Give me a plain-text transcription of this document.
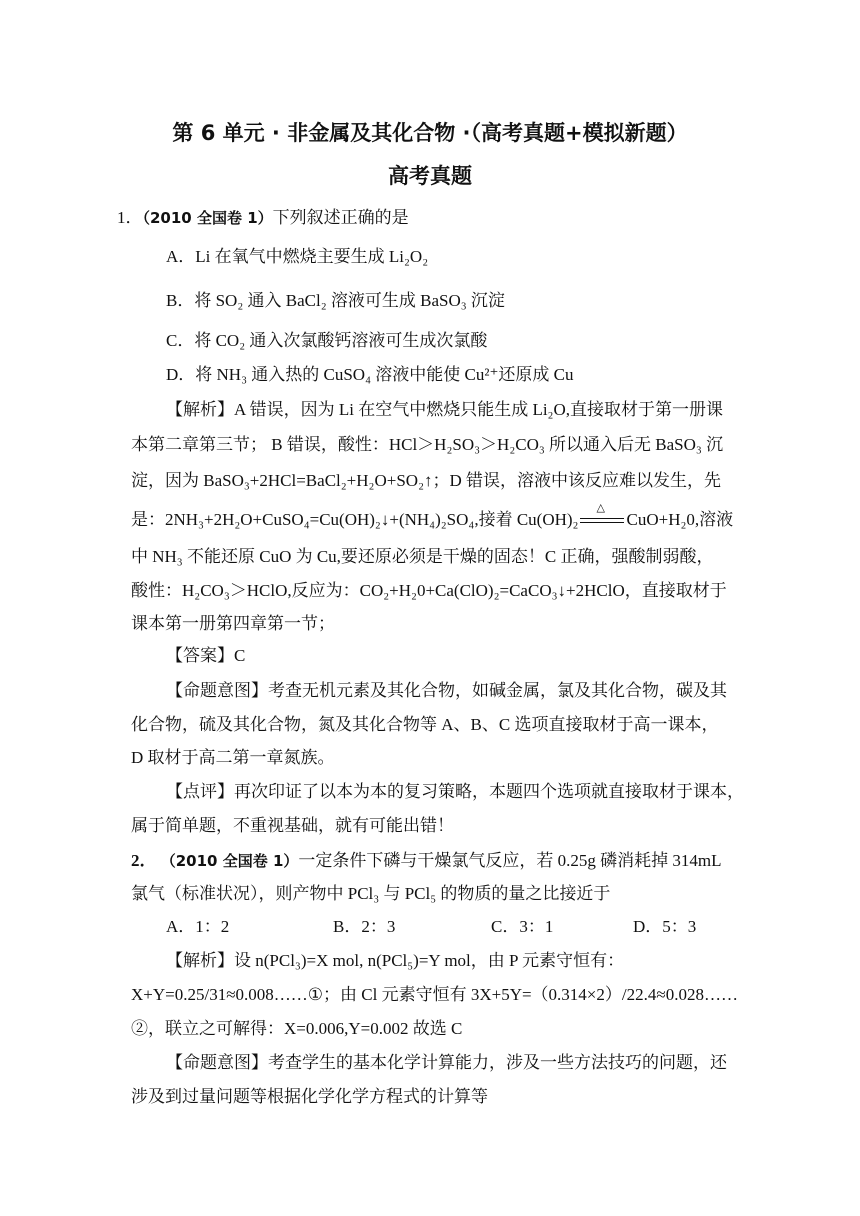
第 6 单元 · 非金属及其化合物 ·（高考真题+模拟新题）
高考真题
1．（2010 全国卷 1）下列叙述正确的是
A．Li 在氧气中燃烧主要生成 Li₂O₂
B．将 SO₂ 通入 BaCl₂ 溶液可生成 BaSO₃ 沉淀
C．将 CO₂ 通入次氯酸钙溶液可生成次氯酸
D．将 NH₃ 通入热的 CuSO₄ 溶液中能使 Cu²⁺还原成 Cu
【解析】A 错误，因为 Li 在空气中燃烧只能生成 Li₂O,直接取材于第一册课
本第二章第三节； B 错误，酸性：HCl＞H₂SO₃＞H₂CO₃ 所以通入后无 BaSO₃ 沉
淀，因为 BaSO₃+2HCl=BaCl₂+H₂O+SO₂↑；D 错误，溶液中该反应难以发生，先
是：2NH₃+2H₂O+CuSO₄=Cu(OH)₂↓+(NH₄)₂SO₄,接着 Cu(OH)₂
△
CuO+H₂0,溶液
中 NH₃ 不能还原 CuO 为 Cu,要还原必须是干燥的固态！C 正确，强酸制弱酸，
酸性：H₂CO₃＞HClO,反应为：CO₂+H₂0+Ca(ClO)₂=CaCO₃↓+2HClO，直接取材于
课本第一册第四章第一节；
【答案】C
【命题意图】考查无机元素及其化合物，如碱金属，氯及其化合物，碳及其
化合物，硫及其化合物，氮及其化合物等 A、B、C 选项直接取材于高一课本，
D 取材于高二第一章氮族。
【点评】再次印证了以本为本的复习策略，本题四个选项就直接取材于课本，
属于简单题，不重视基础，就有可能出错！
2． （2010 全国卷 1）一定条件下磷与干燥氯气反应，若 0.25g 磷消耗掉 314mL
氯气（标准状况），则产物中 PCl₃ 与 PCl₅ 的物质的量之比接近于
A．1：2	B．2：3	C．3：1	D．5：3
【解析】设 n(PCl₃)=X mol, n(PCl₅)=Y mol，由 P 元素守恒有：
X+Y=0.25/31≈0.008……①；由 Cl 元素守恒有 3X+5Y=（0.314×2）/22.4≈0.028……
②，联立之可解得：X=0.006,Y=0.002 故选 C
【命题意图】考查学生的基本化学计算能力，涉及一些方法技巧的问题，还
涉及到过量问题等根据化学化学方程式的计算等
